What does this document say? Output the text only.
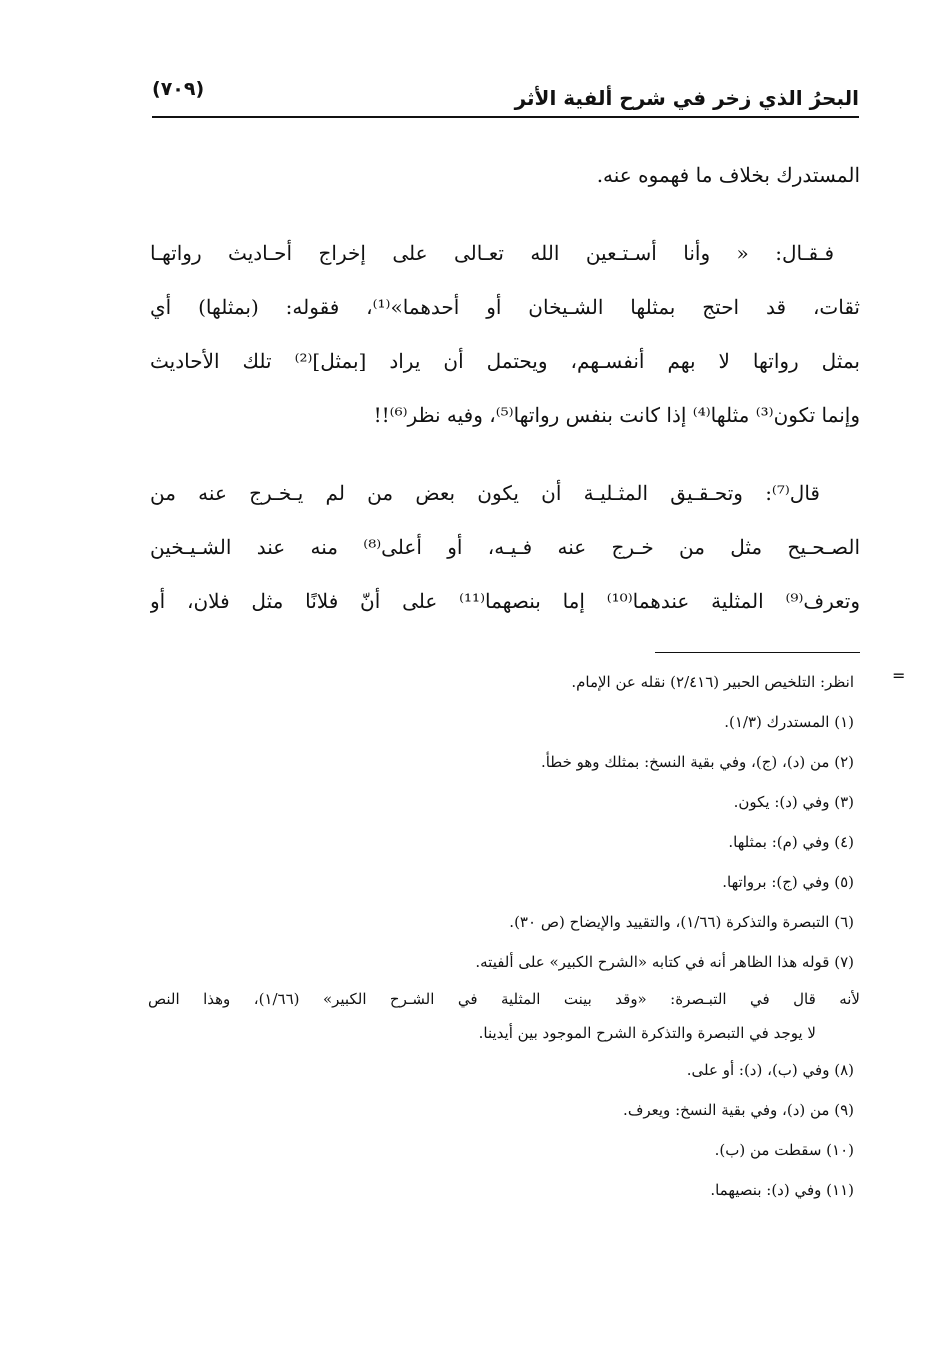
البحرُ الذي زخر في شرح ألفية الأثر
(٧٠٩)
المستدرك بخلاف ما فهموه عنه.
فـقـال: « وأنا أسـتـعين الله تعـالى على إخراج أحـاديث رواتهـا
ثقات، قد احتج بمثلها الشـيخان أو أحدهما»⁽¹⁾، فقوله: (بمثلها) أي
بمثل رواتها لا بهم أنفسـهم، ويحتمل أن يراد [بمثل]⁽²⁾ تلك الأحاديث
وإنما تكون⁽³⁾ مثلها⁽⁴⁾ إذا كانت بنفس رواتها⁽⁵⁾، وفيه نظر⁽⁶⁾!!
قال⁽⁷⁾: وتحـقـيق المثـليـة أن يكون بعض من لم يـخـرج عنه من
الصـحـيح مثل من خـرج عنه فـيـه، أو أعلى⁽⁸⁾ منه عند الشـيـخين
وتعرف⁽⁹⁾ المثلية عندهما⁽¹⁰⁾ إما بنصهما⁽¹¹⁾ على أنّ فلانًا مثل فلان، أو
=
انظر: التلخيص الحبير (٢/٤١٦) نقله عن الإمام.
(١) المستدرك (١/٣).
(٢) من (د)، (ج)، وفي بقية النسخ: بمثلك وهو خطأ.
(٣) وفي (د): يكون.
(٤) وفي (م): بمثلها.
(٥) وفي (ج): برواتها.
(٦) التبصرة والتذكرة (١/٦٦)، والتقييد والإيضاح (ص ٣٠).
(٧) قوله هذا الظاهر أنه في كتابه «الشرح الكبير» على ألفيته.
لأنه قال في التبـصرة: «وقد بينت المثلية في الشـرح الكبير» (١/٦٦)، وهذا النص
لا يوجد في التبصرة والتذكرة الشرح الموجود بين أيدينا.
(٨) وفي (ب)، (د): أو على.
(٩) من (د)، وفي بقية النسخ: ويعرف.
(١٠) سقطت من (ب).
(١١) وفي (د): بنصيهما.
